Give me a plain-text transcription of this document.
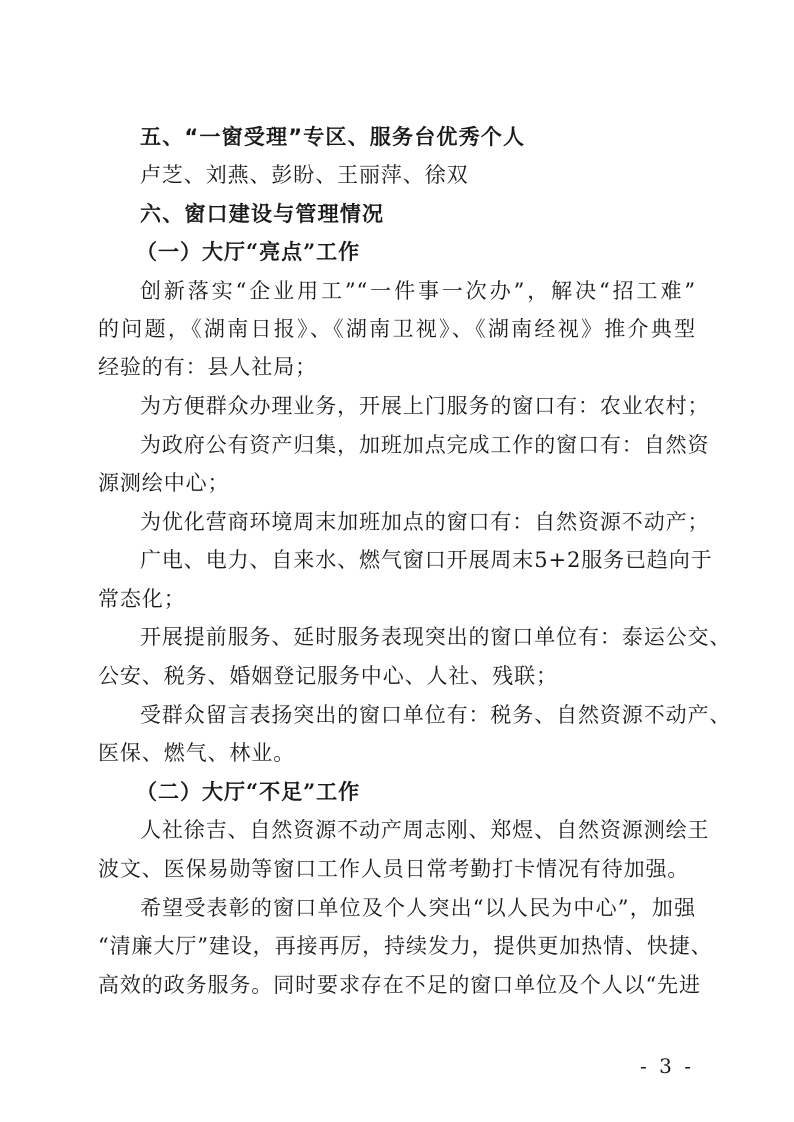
五、“一窗受理”专区、服务台优秀个人
卢芝、刘燕、彭盼、王丽萍、徐双
六、窗口建设与管理情况
（一）大厅“亮点”工作
创新落实“企业用工”“一件事一次办”，解决“招工难”
的问题，《湖南日报》、《湖南卫视》、《湖南经视》推介典型
经验的有：县人社局；
为方便群众办理业务，开展上门服务的窗口有：农业农村；
为政府公有资产归集，加班加点完成工作的窗口有：自然资
源测绘中心；
为优化营商环境周末加班加点的窗口有：自然资源不动产；
广电、电力、自来水、燃气窗口开展周末5+2服务已趋向于
常态化；
开展提前服务、延时服务表现突出的窗口单位有：泰运公交、
公安、税务、婚姻登记服务中心、人社、残联；
受群众留言表扬突出的窗口单位有：税务、自然资源不动产、
医保、燃气、林业。
（二）大厅“不足”工作
人社徐吉、自然资源不动产周志刚、郑煜、自然资源测绘王
波文、医保易勋等窗口工作人员日常考勤打卡情况有待加强。
希望受表彰的窗口单位及个人突出“以人民为中心”，加强
“清廉大厅”建设，再接再厉，持续发力，提供更加热情、快捷、
高效的政务服务。同时要求存在不足的窗口单位及个人以“先进
- 3 -
